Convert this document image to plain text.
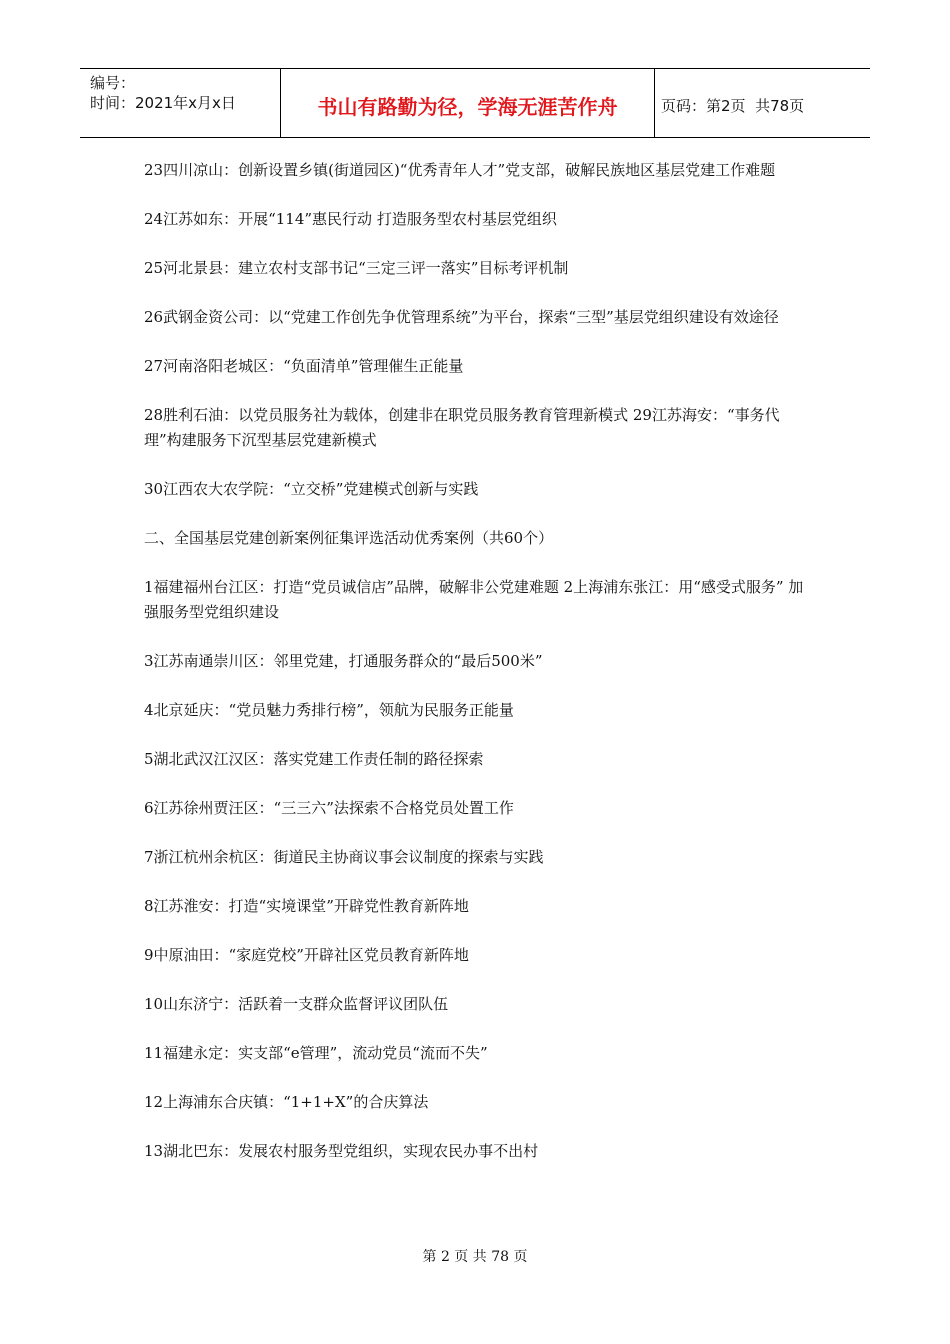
编号：
时间：2021年x月x日	书山有路勤为径，学海无涯苦作舟	页码：第2页  共78页

23四川凉山：创新设置乡镇(街道园区)“优秀青年人才”党支部，破解民族地区基层党建工作难题

24江苏如东：开展“114”惠民行动 打造服务型农村基层党组织

25河北景县：建立农村支部书记“三定三评一落实”目标考评机制

26武钢金资公司：以“党建工作创先争优管理系统”为平台，探索“三型”基层党组织建设有效途径

27河南洛阳老城区：“负面清单”管理催生正能量

28胜利石油：以党员服务社为载体，创建非在职党员服务教育管理新模式 29江苏海安：“事务代理”构建服务下沉型基层党建新模式

30江西农大农学院：“立交桥”党建模式创新与实践

二、全国基层党建创新案例征集评选活动优秀案例（共60个）

1福建福州台江区：打造“党员诚信店”品牌，破解非公党建难题 2上海浦东张江：用“感受式服务” 加强服务型党组织建设

3江苏南通崇川区：邻里党建，打通服务群众的“最后500米”

4北京延庆：“党员魅力秀排行榜”，领航为民服务正能量

5湖北武汉江汉区：落实党建工作责任制的路径探索

6江苏徐州贾汪区：“三三六”法探索不合格党员处置工作

7浙江杭州余杭区：街道民主协商议事会议制度的探索与实践

8江苏淮安：打造“实境课堂”开辟党性教育新阵地

9中原油田：“家庭党校”开辟社区党员教育新阵地

10山东济宁：活跃着一支群众监督评议团队伍

11福建永定：实支部“e管理”，流动党员“流而不失”

12上海浦东合庆镇：“1+1+X”的合庆算法

13湖北巴东：发展农村服务型党组织，实现农民办事不出村

第 2 页 共 78 页
